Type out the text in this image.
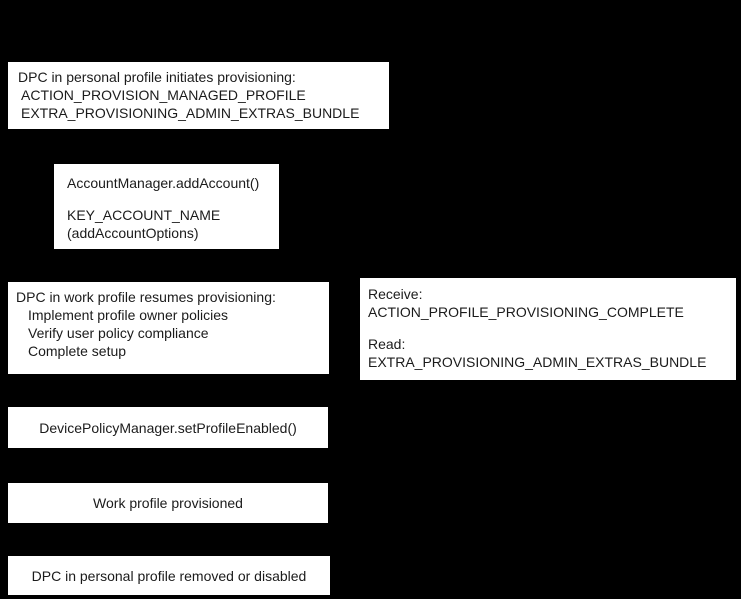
DPC in personal profile initiates provisioning:
ACTION_PROVISION_MANAGED_PROFILE
EXTRA_PROVISIONING_ADMIN_EXTRAS_BUNDLE
AccountManager.addAccount()
KEY_ACCOUNT_NAME
(addAccountOptions)
DPC in work profile resumes provisioning:
Implement profile owner policies
Verify user policy compliance
Complete setup
Receive:
ACTION_PROFILE_PROVISIONING_COMPLETE
Read:
EXTRA_PROVISIONING_ADMIN_EXTRAS_BUNDLE
DevicePolicyManager.setProfileEnabled()
Work profile provisioned
DPC in personal profile removed or disabled
